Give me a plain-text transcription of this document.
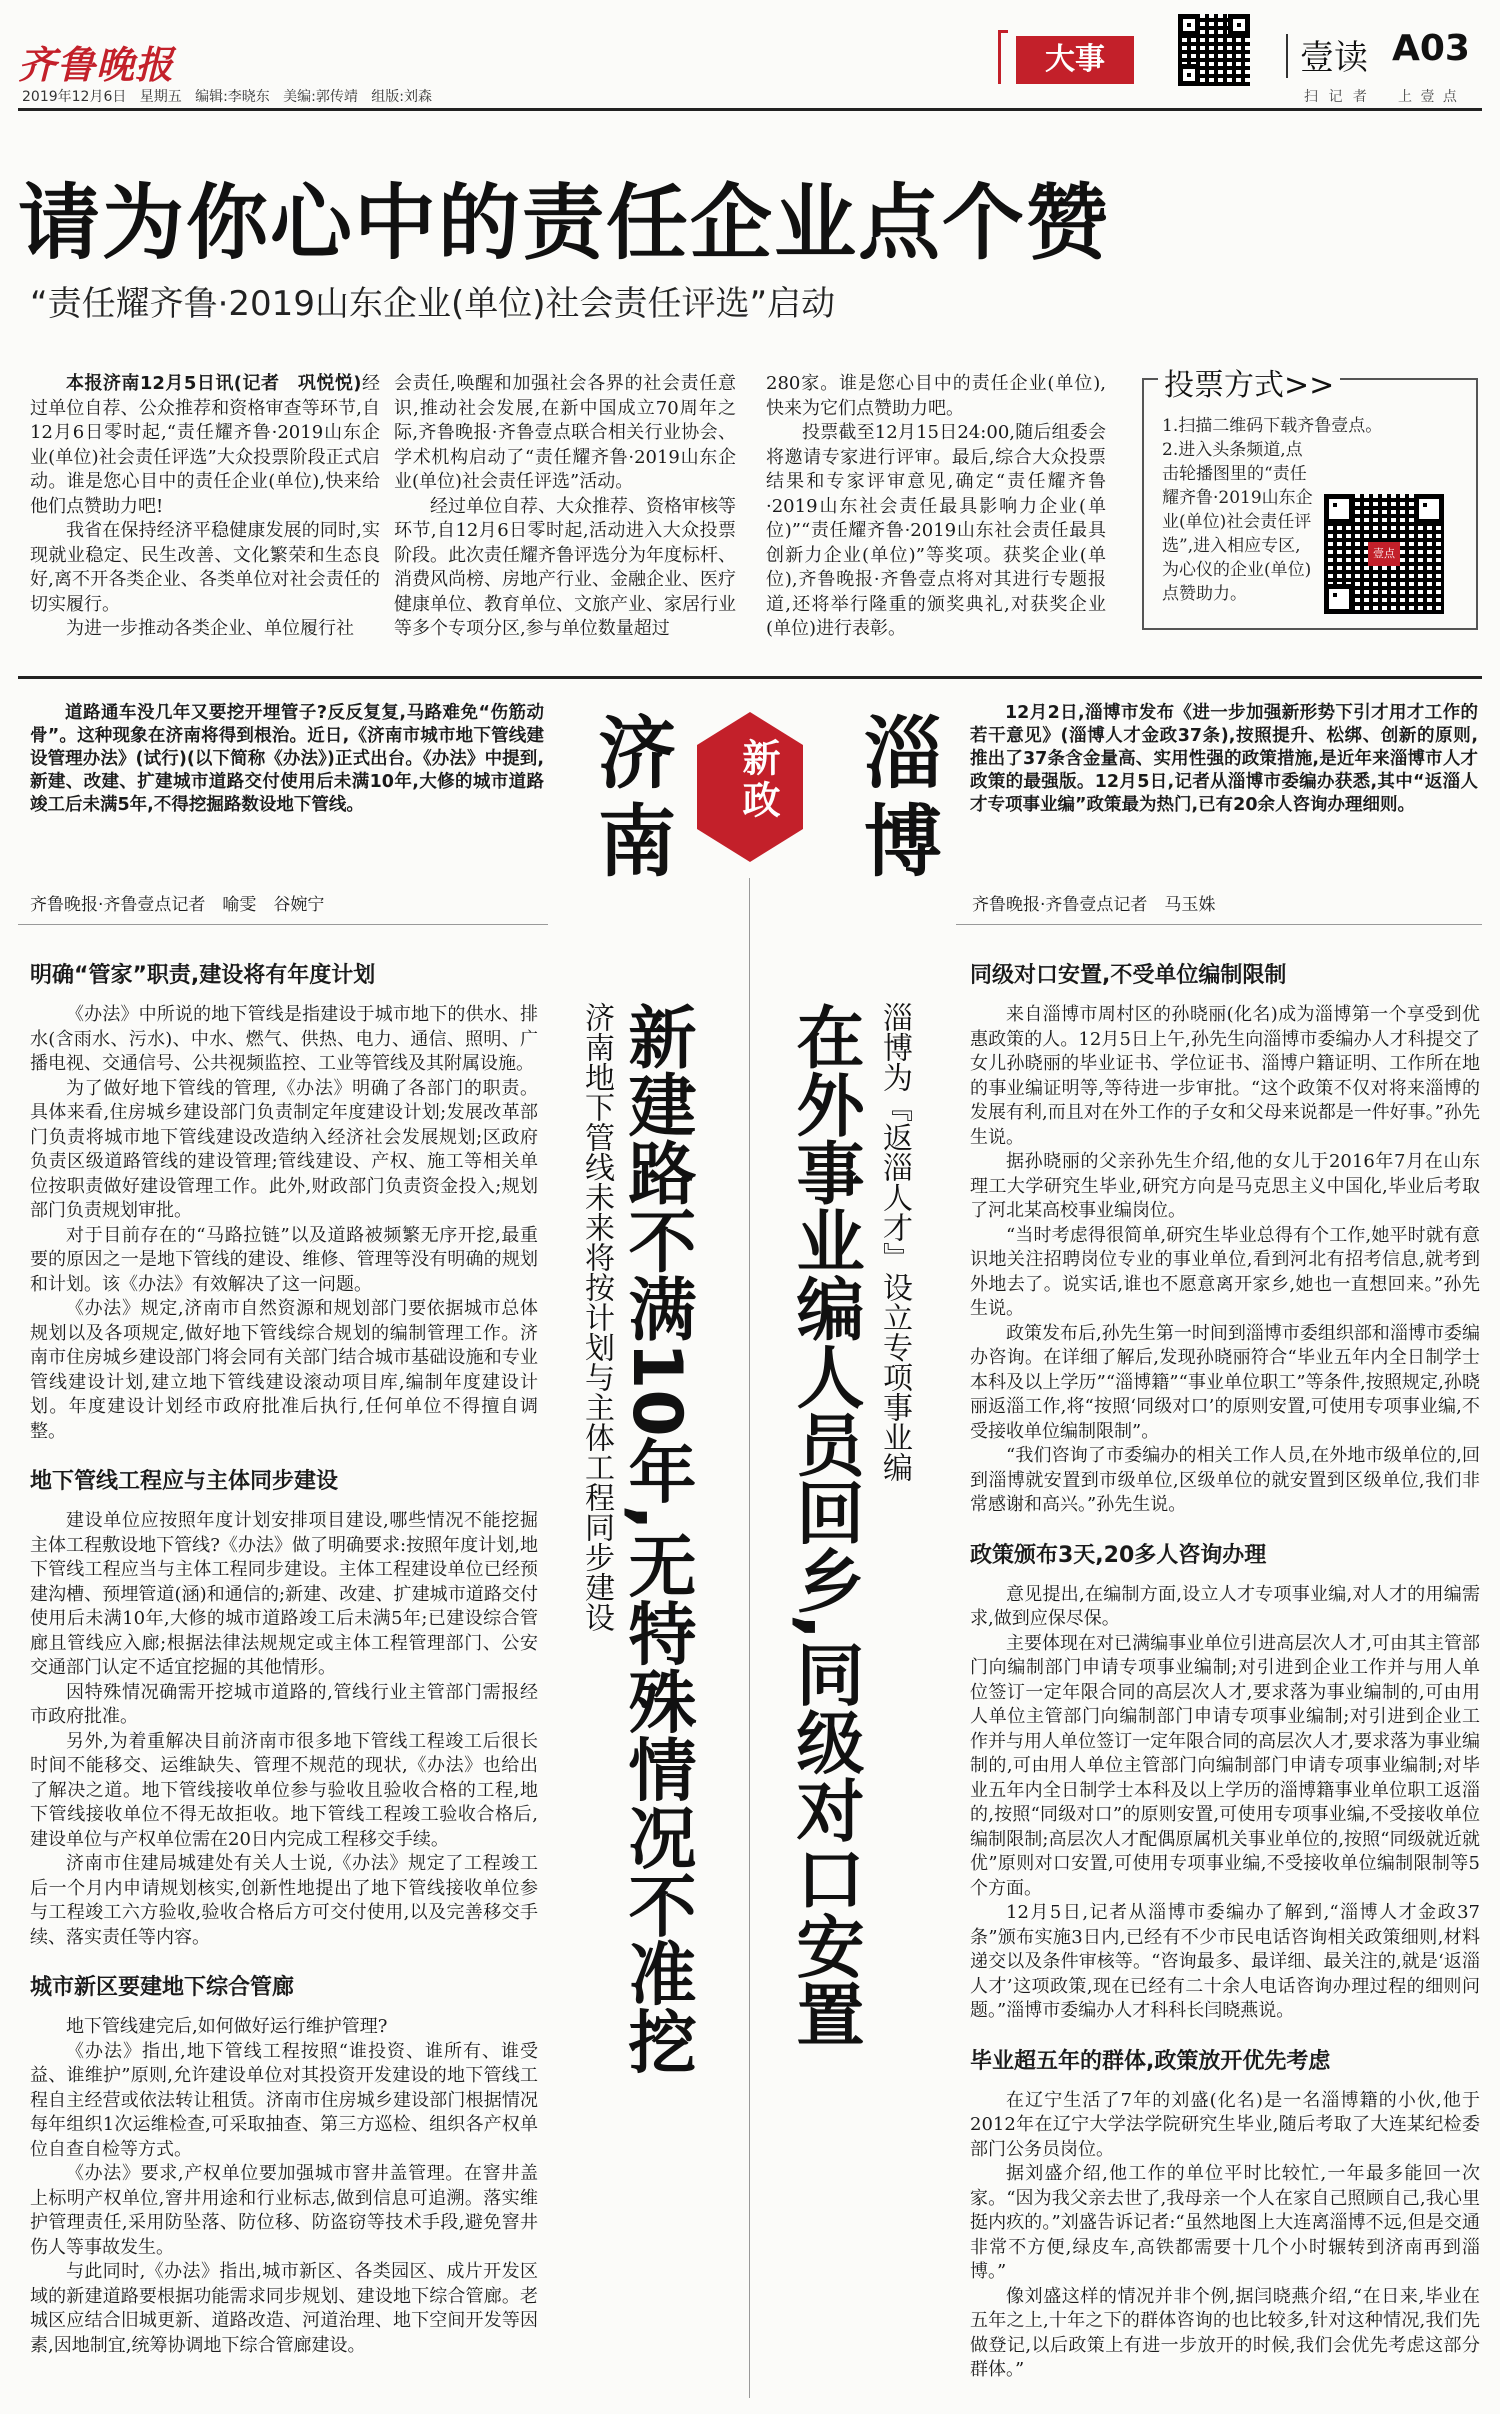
齐鲁晚报
2019年12月6日 星期五 编辑:李晓东 美编:郭传靖 组版:刘森
大事
扫 记 者
壹读 A03
上 壹 点
请为你心中的责任企业点个赞
“责任耀齐鲁·2019山东企业(单位)社会责任评选”启动

本报济南12月5日讯(记者　巩悦悦)经过单位自荐、公众推荐和资格审查等环节,自12月6日零时起,“责任耀齐鲁·2019山东企业(单位)社会责任评选”大众投票阶段正式启动。谁是您心目中的责任企业(单位),快来给他们点赞助力吧!

我省在保持经济平稳健康发展的同时,实现就业稳定、民生改善、文化繁荣和生态良好,离不开各类企业、各类单位对社会责任的切实履行。

为进一步推动各类企业、单位履行社

会责任,唤醒和加强社会各界的社会责任意识,推动社会发展,在新中国成立70周年之际,齐鲁晚报·齐鲁壹点联合相关行业协会、学术机构启动了“责任耀齐鲁·2019山东企业(单位)社会责任评选”活动。

经过单位自荐、大众推荐、资格审核等环节,自12月6日零时起,活动进入大众投票阶段。此次责任耀齐鲁评选分为年度标杆、消费风尚榜、房地产行业、金融企业、医疗健康单位、教育单位、文旅产业、家居行业等多个专项分区,参与单位数量超过

280家。谁是您心目中的责任企业(单位),快来为它们点赞助力吧。

投票截至12月15日24:00,随后组委会将邀请专家进行评审。最后,综合大众投票结果和专家评审意见,确定“责任耀齐鲁·2019山东社会责任最具影响力企业(单位)”“责任耀齐鲁·2019山东社会责任最具创新力企业(单位)”等奖项。获奖企业(单位),齐鲁晚报·齐鲁壹点将对其进行专题报道,还将举行隆重的颁奖典礼,对获奖企业(单位)进行表彰。

投票方式>>
1.扫描二维码下载齐鲁壹点。
2.进入头条频道,点击轮播图里的“责任耀齐鲁·2019山东企业(单位)社会责任评选”,进入相应专区,为心仪的企业(单位)点赞助力。
壹点

道路通车没几年又要挖开埋管子?反反复复,马路难免“伤筋动骨”。这种现象在济南将得到根治。近日,《济南市城市地下管线建设管理办法》(试行)(以下简称《办法》)正式出台。《办法》中提到,新建、改建、扩建城市道路交付使用后未满10年,大修的城市道路竣工后未满5年,不得挖掘路数设地下管线。	济南 新政 淄博	12月2日,淄博市发布《进一步加强新形势下引才用才工作的若干意见》(淄博人才金政37条),按照提升、松绑、创新的原则,推出了37条含金量高、实用性强的政策措施,是近年来淄博市人才政策的最强版。12月5日,记者从淄博市委编办获悉,其中“返淄人才专项事业编”政策最为热门,已有20余人咨询办理细则。

齐鲁晚报·齐鲁壹点记者　喻雯　谷婉宁

明确“管家”职责,建设将有年度计划

《办法》中所说的地下管线是指建设于城市地下的供水、排水(含雨水、污水)、中水、燃气、供热、电力、通信、照明、广播电视、交通信号、公共视频监控、工业等管线及其附属设施。

为了做好地下管线的管理,《办法》明确了各部门的职责。具体来看,住房城乡建设部门负责制定年度建设计划;发展改革部门负责将城市地下管线建设改造纳入经济社会发展规划;区政府负责区级道路管线的建设管理;管线建设、产权、施工等相关单位按职责做好建设管理工作。此外,财政部门负责资金投入;规划部门负责规划审批。

对于目前存在的“马路拉链”以及道路被频繁无序开挖,最重要的原因之一是地下管线的建设、维修、管理等没有明确的规划和计划。该《办法》有效解决了这一问题。

《办法》规定,济南市自然资源和规划部门要依据城市总体规划以及各项规定,做好地下管线综合规划的编制管理工作。济南市住房城乡建设部门将会同有关部门结合城市基础设施和专业管线建设计划,建立地下管线建设滚动项目库,编制年度建设计划。年度建设计划经市政府批准后执行,任何单位不得擅自调整。

地下管线工程应与主体同步建设

建设单位应按照年度计划安排项目建设,哪些情况不能挖掘主体工程敷设地下管线?《办法》做了明确要求:按照年度计划,地下管线工程应当与主体工程同步建设。主体工程建设单位已经预建沟槽、预埋管道(涵)和通信的;新建、改建、扩建城市道路交付使用后未满10年,大修的城市道路竣工后未满5年;已建设综合管廊且管线应入廊;根据法律法规规定或主体工程管理部门、公安交通部门认定不适宜挖掘的其他情形。

因特殊情况确需开挖城市道路的,管线行业主管部门需报经市政府批准。

另外,为着重解决目前济南市很多地下管线工程竣工后很长时间不能移交、运维缺失、管理不规范的现状,《办法》也给出了解决之道。地下管线接收单位参与验收且验收合格的工程,地下管线接收单位不得无故拒收。地下管线工程竣工验收合格后,建设单位与产权单位需在20日内完成工程移交手续。

济南市住建局城建处有关人士说,《办法》规定了工程竣工后一个月内申请规划核实,创新性地提出了地下管线接收单位参与工程竣工六方验收,验收合格后方可交付使用,以及完善移交手续、落实责任等内容。

城市新区要建地下综合管廊

地下管线建完后,如何做好运行维护管理?

《办法》指出,地下管线工程按照“谁投资、谁所有、谁受益、谁维护”原则,允许建设单位对其投资开发建设的地下管线工程自主经营或依法转让租赁。济南市住房城乡建设部门根据情况每年组织1次运维检查,可采取抽查、第三方巡检、组织各产权单位自查自检等方式。

《办法》要求,产权单位要加强城市窨井盖管理。在窨井盖上标明产权单位,窨井用途和行业标志,做到信息可追溯。落实维护管理责任,采用防坠落、防位移、防盗窃等技术手段,避免窨井伤人等事故发生。

与此同时,《办法》指出,城市新区、各类园区、成片开发区域的新建道路要根据功能需求同步规划、建设地下综合管廊。老城区应结合旧城更新、道路改造、河道治理、地下空间开发等因素,因地制宜,统筹协调地下综合管廊建设。

新建路不满10年,无特殊情况不准挖
济南地下管线未来将按计划与主体工程同步建设	淄博为『返淄人才』设立专项事业编
在外事业编人员回乡,同级对口安置
齐鲁晚报·齐鲁壹点记者　马玉姝

同级对口安置,不受单位编制限制

来自淄博市周村区的孙晓丽(化名)成为淄博第一个享受到优惠政策的人。12月5日上午,孙先生向淄博市委编办人才科提交了女儿孙晓丽的毕业证书、学位证书、淄博户籍证明、工作所在地的事业编证明等,等待进一步审批。“这个政策不仅对将来淄博的发展有利,而且对在外工作的子女和父母来说都是一件好事。”孙先生说。

据孙晓丽的父亲孙先生介绍,他的女儿于2016年7月在山东理工大学研究生毕业,研究方向是马克思主义中国化,毕业后考取了河北某高校事业编岗位。

“当时考虑得很简单,研究生毕业总得有个工作,她平时就有意识地关注招聘岗位专业的事业单位,看到河北有招考信息,就考到外地去了。说实话,谁也不愿意离开家乡,她也一直想回来。”孙先生说。

政策发布后,孙先生第一时间到淄博市委组织部和淄博市委编办咨询。在详细了解后,发现孙晓丽符合“毕业五年内全日制学士本科及以上学历”“淄博籍”“事业单位职工”等条件,按照规定,孙晓丽返淄工作,将“按照‘同级对口’的原则安置,可使用专项事业编,不受接收单位编制限制”。

“我们咨询了市委编办的相关工作人员,在外地市级单位的,回到淄博就安置到市级单位,区级单位的就安置到区级单位,我们非常感谢和高兴。”孙先生说。

政策颁布3天,20多人咨询办理

意见提出,在编制方面,设立人才专项事业编,对人才的用编需求,做到应保尽保。

主要体现在对已满编事业单位引进高层次人才,可由其主管部门向编制部门申请专项事业编制;对引进到企业工作并与用人单位签订一定年限合同的高层次人才,要求落为事业编制的,可由用人单位主管部门向编制部门申请专项事业编制;对引进到企业工作并与用人单位签订一定年限合同的高层次人才,要求落为事业编制的,可由用人单位主管部门向编制部门申请专项事业编制;对毕业五年内全日制学士本科及以上学历的淄博籍事业单位职工返淄的,按照“同级对口”的原则安置,可使用专项事业编,不受接收单位编制限制;高层次人才配偶原属机关事业单位的,按照“同级就近就优”原则对口安置,可使用专项事业编,不受接收单位编制限制等5个方面。

12月5日,记者从淄博市委编办了解到,“淄博人才金政37条”颁布实施3日内,已经有不少市民电话咨询相关政策细则,材料递交以及条件审核等。“咨询最多、最详细、最关注的,就是‘返淄人才’这项政策,现在已经有二十余人电话咨询办理过程的细则问题。”淄博市委编办人才科科长闫晓燕说。

毕业超五年的群体,政策放开优先考虑

在辽宁生活了7年的刘盛(化名)是一名淄博籍的小伙,他于2012年在辽宁大学法学院研究生毕业,随后考取了大连某纪检委部门公务员岗位。

据刘盛介绍,他工作的单位平时比较忙,一年最多能回一次家。“因为我父亲去世了,我母亲一个人在家自己照顾自己,我心里挺内疚的。”刘盛告诉记者:“虽然地图上大连离淄博不远,但是交通非常不方便,绿皮车,高铁都需要十几个小时辗转到济南再到淄博。”

像刘盛这样的情况并非个例,据闫晓燕介绍,“在日来,毕业在五年之上,十年之下的群体咨询的也比较多,针对这种情况,我们先做登记,以后政策上有进一步放开的时候,我们会优先考虑这部分群体。”
